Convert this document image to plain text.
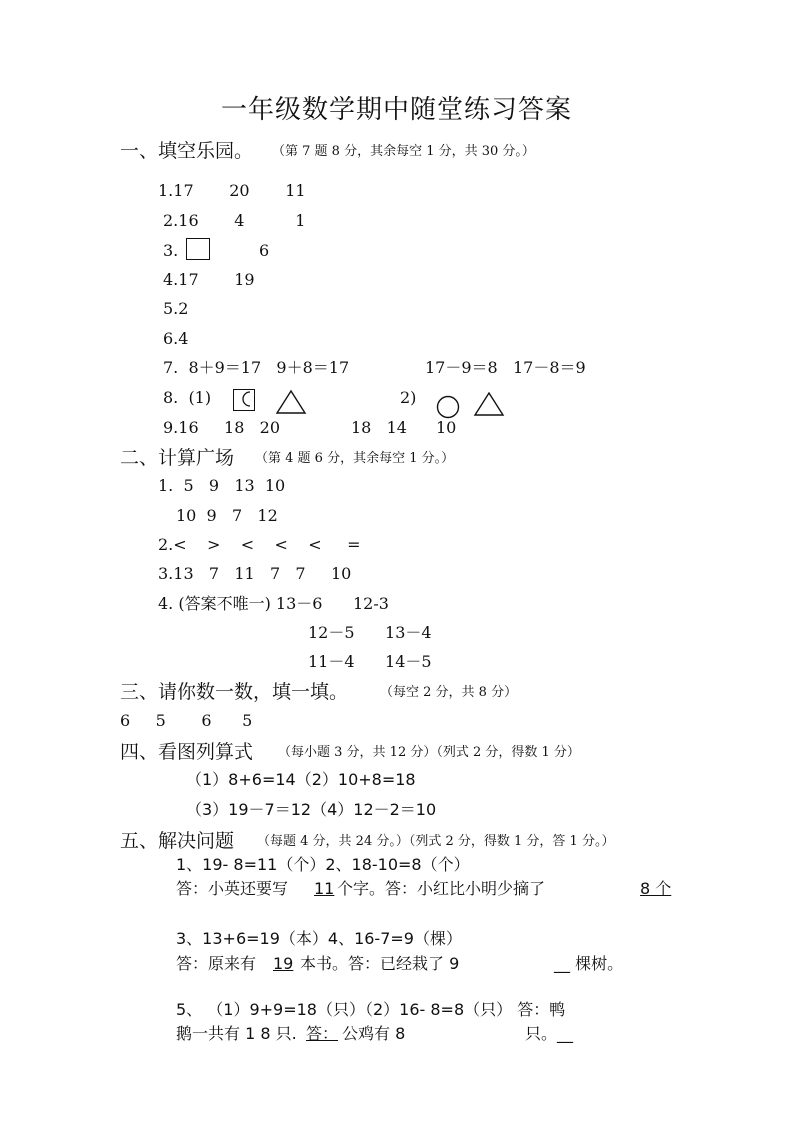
一年级数学期中随堂练习答案
一、填空乐园。 （第 7 题 8 分，其余每空 1 分，共 30 分。）
1.17       20       11
2.16       4          1
3.	6
4.17       19
5.2
6.4
7.  8＋9＝17   9＋8＝17	17－9＝8   17－8＝9
8.  (1)	2)
9.16     18   20	18   14 10
二、计算广场 （第 4 题 6 分，其余每空 1 分。）
1.  5   9   13  10
10  9   7   12
2.<    >    <    <    <     =
3.13   7   11   7   7     10
4. (答案不唯一) 13－6      12-3
12－5      13－4
11－4      14－5
三、请你数一数，填一填。 （每空 2 分，共 8 分）
6     5       6      5
四、看图列算式 （每小题 3 分，共 12 分）（列式 2 分，得数 1 分）
（1）8+6=14（2）10+8=18
（3）19－7＝12（4）12－2＝10
五、解决问题 （每题 4 分，共 24 分。）（列式 2 分，得数 1 分，答 1 分。）
1、19- 8=11（个）2、18-10=8（个）
答：小英还要写 11 个字。答：小红比小明少摘了	8 个
3、13+6=19（本）4、16-7=9（棵）
答：原来有 19 本书。答：已经栽了 9	__ 棵树。
5、 （1）9+9=18（只）（2）16- 8=8（只） 答：鸭
鹅一共有 1 8 只. 答： 公鸡有 8	只。__
